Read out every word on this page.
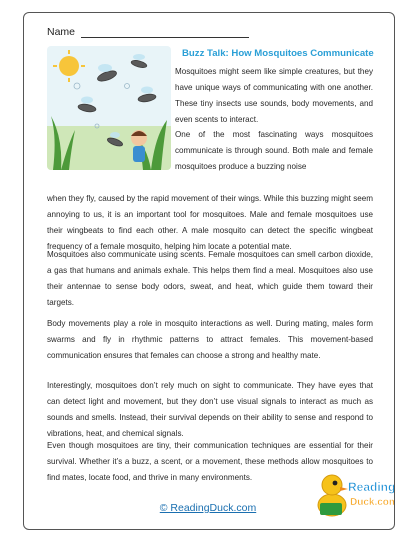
Name
Buzz Talk: How Mosquitoes Communicate

Mosquitoes might seem like simple creatures, but they have unique ways of communicating with one another. These tiny insects use sounds, body movements, and even scents to interact.

One of the most fascinating ways mosquitoes communicate is through sound. Both male and female mosquitoes produce a buzzing noise

when they fly, caused by the rapid movement of their wings. While this buzzing might seem annoying to us, it is an important tool for mosquitoes. Male and female mosquitoes use their wingbeats to find each other. A male mosquito can detect the specific wingbeat frequency of a female mosquito, helping him locate a potential mate.

Mosquitoes also communicate using scents. Female mosquitoes can smell carbon dioxide, a gas that humans and animals exhale. This helps them find a meal. Mosquitoes also use their antennae to sense body odors, sweat, and heat, which guide them toward their targets.

Body movements play a role in mosquito interactions as well. During mating, males form swarms and fly in rhythmic patterns to attract females. This movement-based communication ensures that females can choose a strong and healthy mate.

Interestingly, mosquitoes don’t rely much on sight to communicate. They have eyes that can detect light and movement, but they don’t use visual signals to interact as much as sounds and smells. Instead, their survival depends on their ability to sense and respond to vibrations, heat, and chemical signals.

Even though mosquitoes are tiny, their communication techniques are essential for their survival. Whether it’s a buzz, a scent, or a movement, these methods allow mosquitoes to find mates, locate food, and thrive in many environments.

© ReadingDuck.com
Reading
Duck.com
